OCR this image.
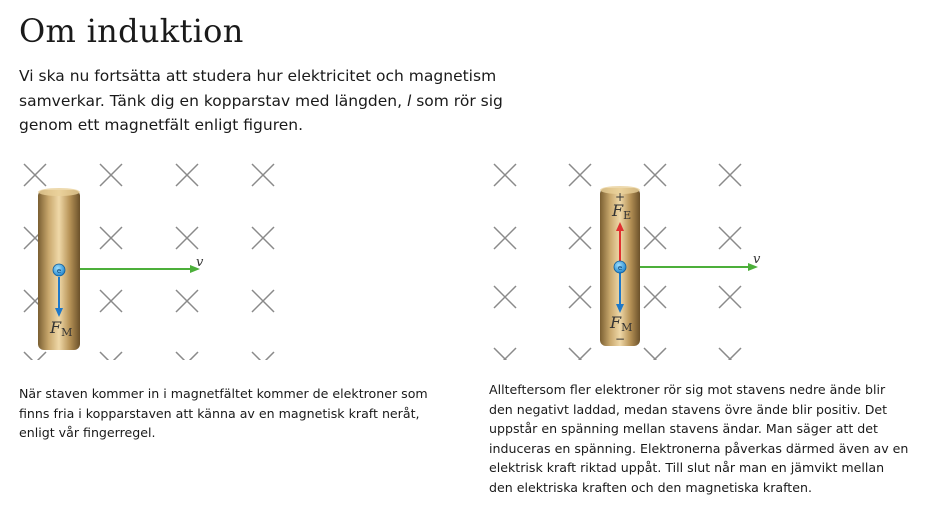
Om induktion

Vi ska nu fortsätta att studera hur elektricitet och magnetism samverkar. Tänk dig en kopparstav med längden, l som rör sig genom ett magnetfält enligt figuren.

v
e
FM
+
−
v
e
FE
FM

När staven kommer in i magnetfältet kommer de elektroner som finns fria i kopparstaven att känna av en magnetisk kraft neråt, enligt vår fingerregel.

Allteftersom fler elektroner rör sig mot stavens nedre ände blir den negativt laddad, medan stavens övre ände blir positiv. Det uppstår en spänning mellan stavens ändar. Man säger att det induceras en spänning. Elektronerna påverkas därmed även av en elektrisk kraft riktad uppåt. Till slut når man en jämvikt mellan den elektriska kraften och den magnetiska kraften.
